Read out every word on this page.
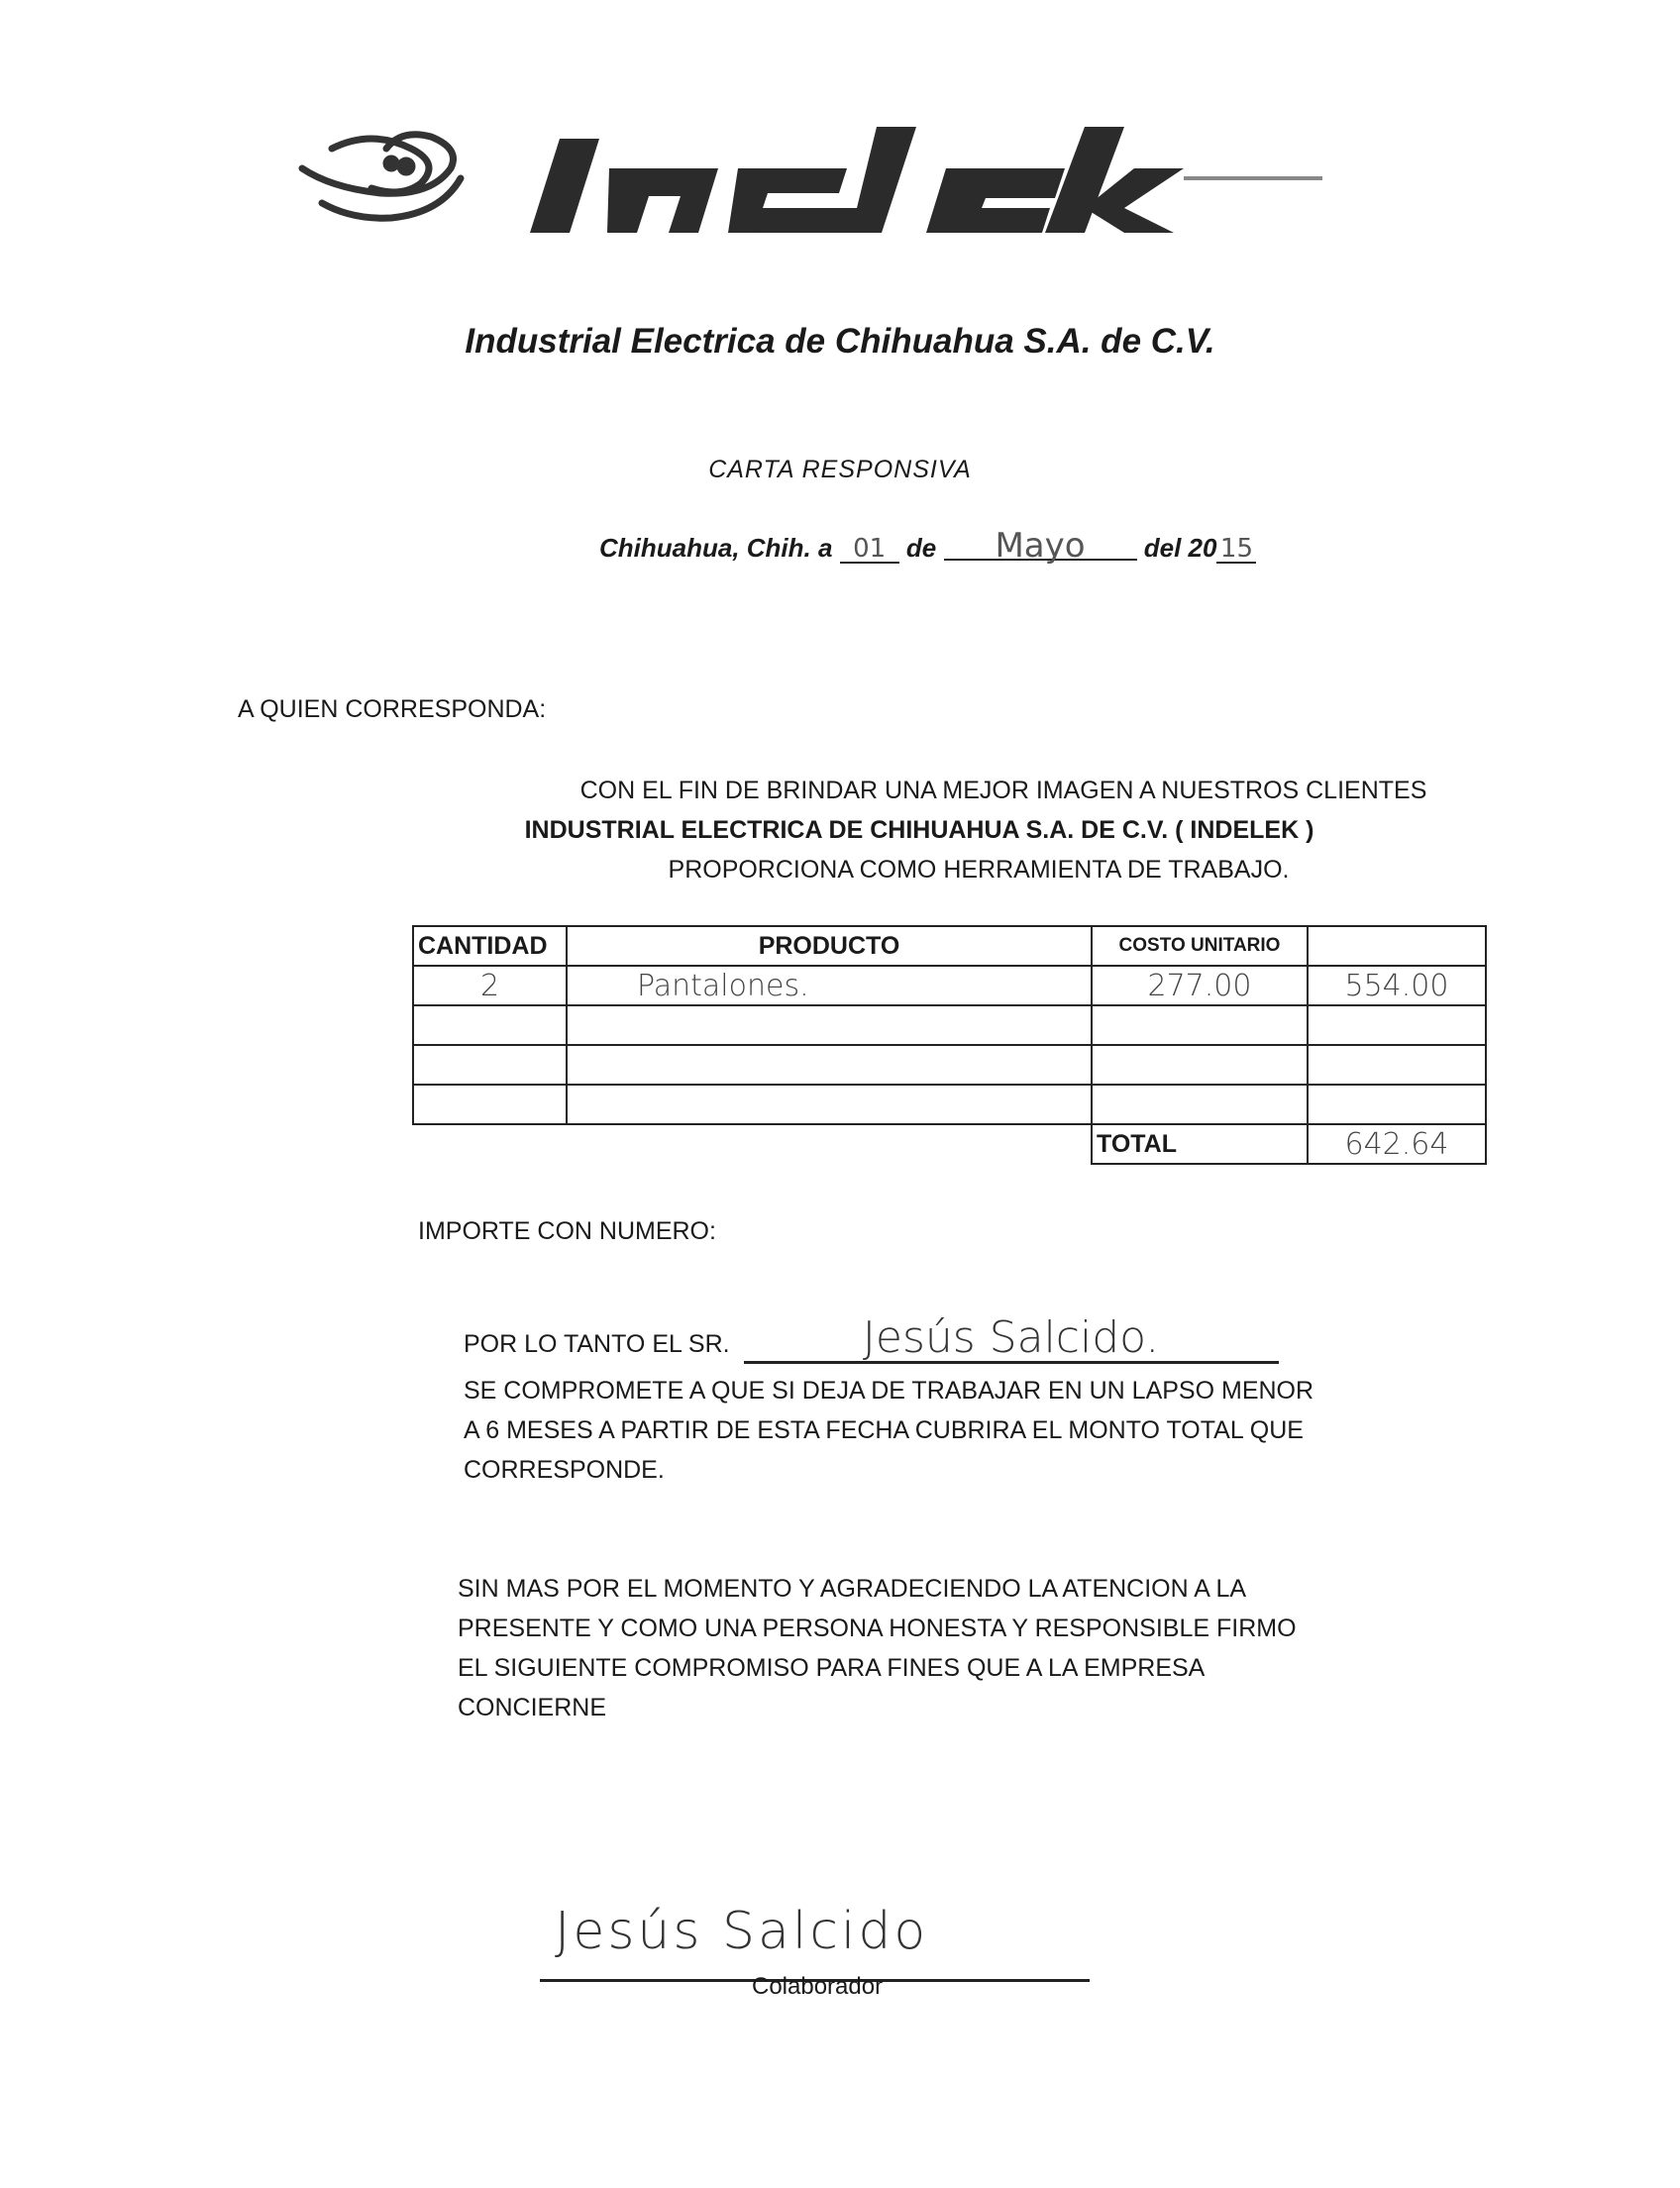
Industrial Electrica de Chihuahua S.A. de C.V.
CARTA RESPONSIVA
Chihuahua, Chih. a 01 de Mayo del 20 15
A QUIEN CORRESPONDA:
CON EL FIN DE BRINDAR UNA MEJOR IMAGEN A NUESTROS CLIENTES
INDUSTRIAL ELECTRICA DE CHIHUAHUA S.A. DE C.V. ( INDELEK )
PROPORCIONA COMO HERRAMIENTA DE TRABAJO.
CANTIDAD	PRODUCTO	COSTO UNITARIO	
2	Pantalones.	277.00	554.00

		TOTAL	642.64
IMPORTE CON NUMERO:
POR LO TANTO EL SR.	Jesús Salcido.
SE COMPROMETE A QUE SI DEJA DE TRABAJAR EN UN LAPSO MENOR
A 6 MESES A PARTIR DE ESTA FECHA CUBRIRA EL MONTO TOTAL QUE
CORRESPONDE.
SIN MAS POR EL MOMENTO Y AGRADECIENDO LA ATENCION A LA
PRESENTE Y COMO UNA PERSONA HONESTA Y RESPONSIBLE FIRMO
EL SIGUIENTE COMPROMISO PARA FINES QUE A LA EMPRESA
CONCIERNE
Jesús Salcido
Colaborador
